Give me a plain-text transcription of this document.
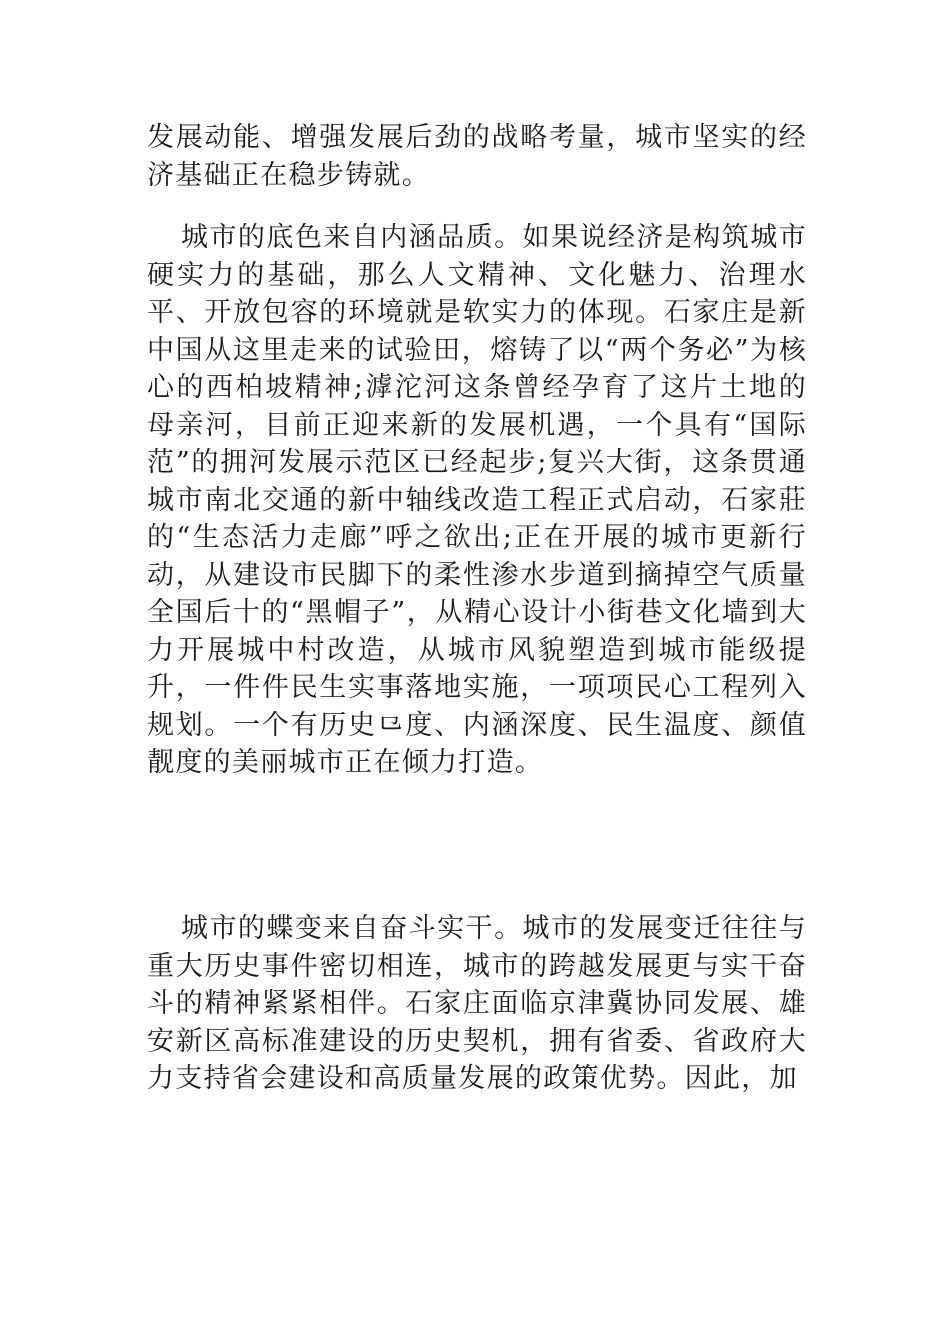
发展动能、增强发展后劲的战略考量，城市坚实的经济基础正在稳步铸就。

城市的底色来自内涵品质。如果说经济是构筑城市硬实力的基础，那么人文精神、文化魅力、治理水平、开放包容的环境就是软实力的体现。石家庄是新中国从这里走来的试验田，熔铸了以“两个务必”为核心的西柏坡精神;滹沱河这条曾经孕育了这片土地的母亲河，目前正迎来新的发展机遇，一个具有“国际范”的拥河发展示范区已经起步;复兴大街，这条贯通城市南北交通的新中轴线改造工程正式启动，石家莊的“生态活力走廊”呼之欲出;正在开展的城市更新行动，从建设市民脚下的柔性渗水步道到摘掉空气质量全国后十的“黑帽子”，从精心设计小街巷文化墙到大力开展城中村改造，从城市风貌塑造到城市能级提升，一件件民生实事落地实施，一项项民心工程列入规划。一个有历史⺋度、内涵深度、民生温度、颜值靓度的美丽城市正在倾力打造。

城市的蝶变来自奋斗实干。城市的发展变迁往往与重大历史事件密切相连，城市的跨越发展更与实干奋斗的精神紧紧相伴。石家庄面临京津冀协同发展、雄安新区高标准建设的历史契机，拥有省委、省政府大力支持省会建设和高质量发展的政策优势。因此，加
